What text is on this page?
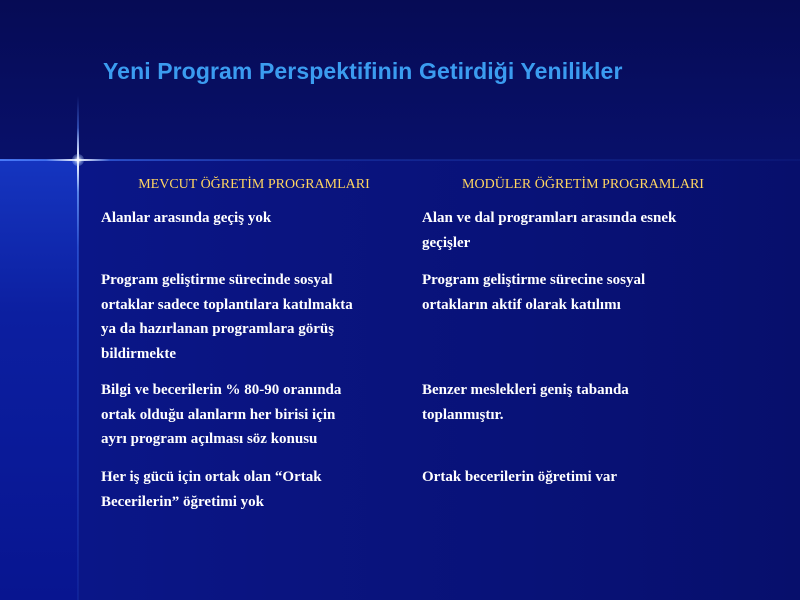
Yeni Program Perspektifinin Getirdiği Yenilikler
MEVCUT ÖĞRETİM PROGRAMLARI	MODÜLER ÖĞRETİM PROGRAMLARI
Alanlar arasında geçiş yok	Alan ve dal programları arasında esnek
geçişler
Program geliştirme sürecinde sosyal
ortaklar sadece toplantılara katılmakta
ya da hazırlanan programlara görüş
bildirmekte
Program geliştirme sürecine sosyal
ortakların aktif olarak katılımı
Bilgi ve becerilerin % 80-90 oranında
ortak olduğu alanların her birisi için
ayrı program açılması söz konusu
Benzer meslekleri geniş tabanda
toplanmıştır.
Her iş gücü için ortak olan “Ortak
Becerilerin” öğretimi yok
Ortak becerilerin öğretimi var
